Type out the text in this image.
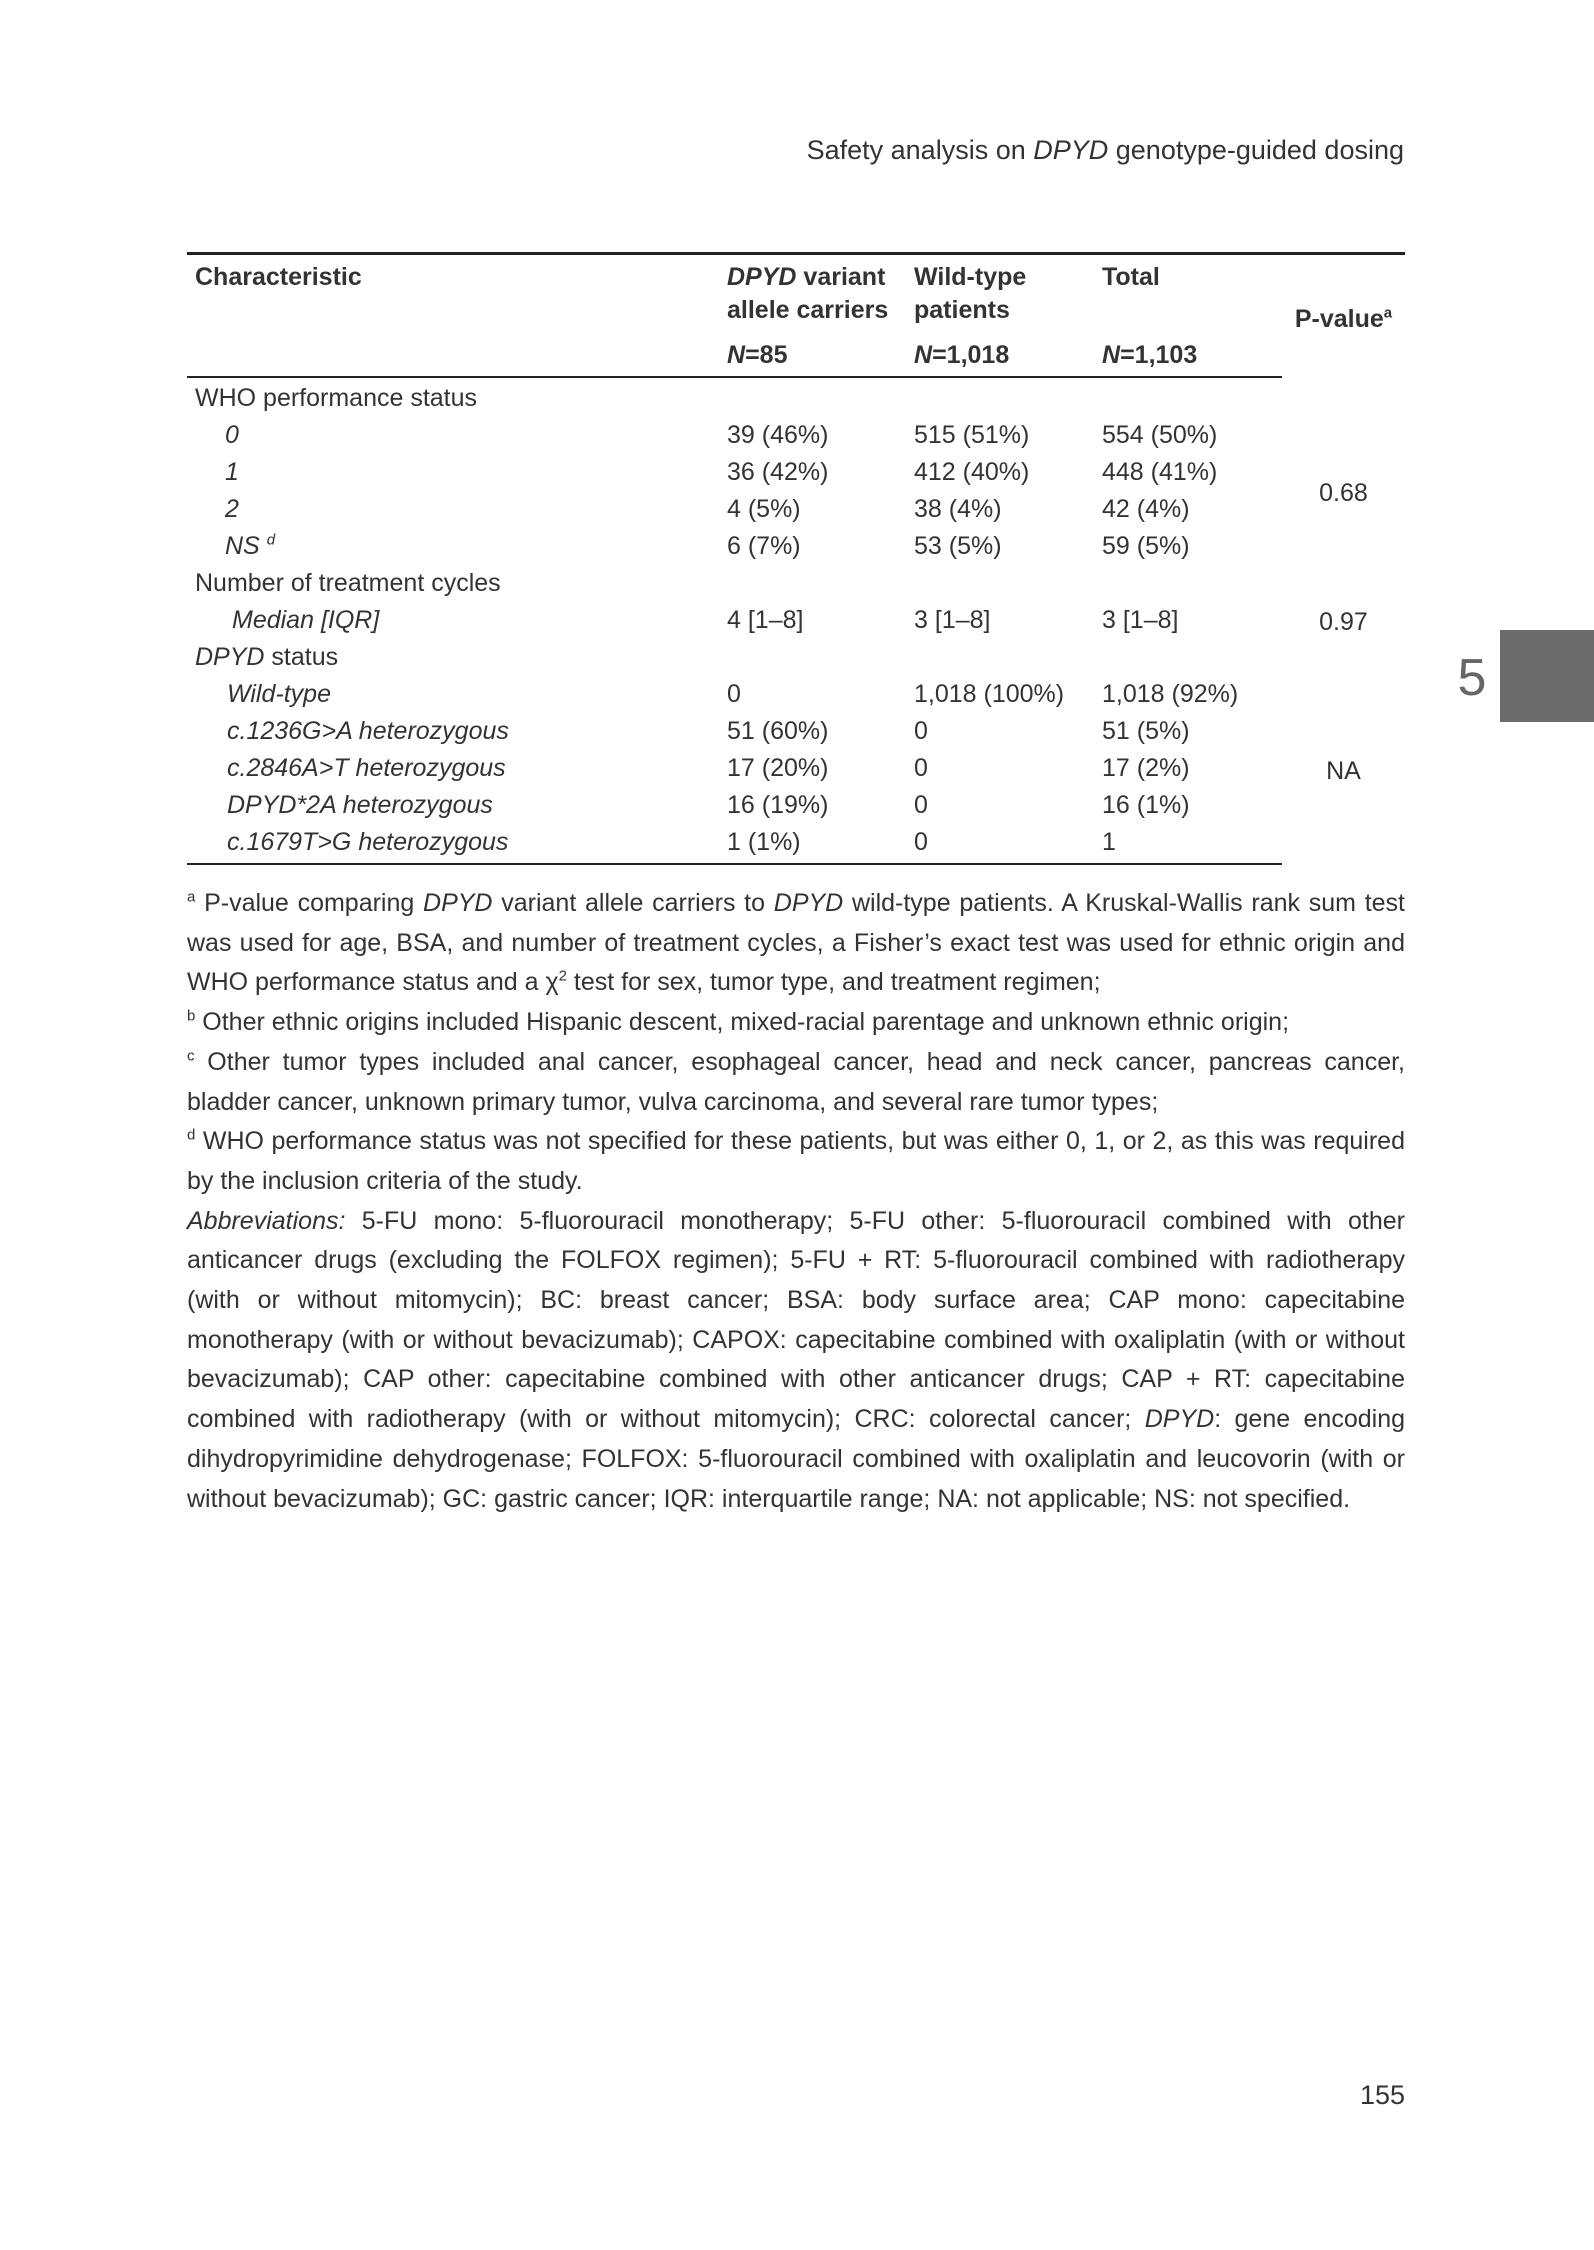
Safety analysis on DPYD genotype-guided dosing
5
Characteristic	DPYD variant	Wild-type	Total	P-value$^a$
	allele carriers	patients		
	N=85	N=1,018	N=1,103	
WHO performance status				
0	39 (46%)	515 (51%)	554 (50%)	0.68
1	36 (42%)	412 (40%)	448 (41%)	
2	4 (5%)	38 (4%)	42 (4%)	
NS $^d$	6 (7%)	53 (5%)	59 (5%)	
Number of treatment cycles				
Median [IQR]	4 [1–8]	3 [1–8]	3 [1–8]	0.97
DPYD status				
Wild-type	0	1,018 (100%)	1,018 (92%)	NA
c.1236G>A heterozygous	51 (60%)	0	51 (5%)	
c.2846A>T heterozygous	17 (20%)	0	17 (2%)	
DPYD*2A heterozygous	16 (19%)	0	16 (1%)	
c.1679T>G heterozygous	1 (1%)	0	1	

$^a$ P-value comparing DPYD variant allele carriers to DPYD wild-type patients. A Kruskal-Wallis rank sum test was used for age, BSA, and number of treatment cycles, a Fisher’s exact test was used for ethnic origin and WHO performance status and a $\chi^2$ test for sex, tumor type, and treatment regimen;

$^b$ Other ethnic origins included Hispanic descent, mixed-racial parentage and unknown ethnic origin;

$^c$ Other tumor types included anal cancer, esophageal cancer, head and neck cancer, pancreas cancer, bladder cancer, unknown primary tumor, vulva carcinoma, and several rare tumor types;

$^d$ WHO performance status was not specified for these patients, but was either 0, 1, or 2, as this was required by the inclusion criteria of the study.

Abbreviations: 5-FU mono: 5-fluorouracil monotherapy; 5-FU other: 5-fluorouracil combined with other anticancer drugs (excluding the FOLFOX regimen); 5-FU + RT: 5-fluorouracil combined with radiotherapy (with or without mitomycin); BC: breast cancer; BSA: body surface area; CAP mono: capecitabine monotherapy (with or without bevacizumab); CAPOX: capecitabine combined with oxaliplatin (with or without bevacizumab); CAP other: capecitabine combined with other anticancer drugs; CAP + RT: capecitabine combined with radiotherapy (with or without mitomycin); CRC: colorectal cancer; DPYD: gene encoding dihydropyrimidine dehydrogenase; FOLFOX: 5-fluorouracil combined with oxaliplatin and leucovorin (with or without bevacizumab); GC: gastric cancer; IQR: interquartile range; NA: not applicable; NS: not specified.

155
